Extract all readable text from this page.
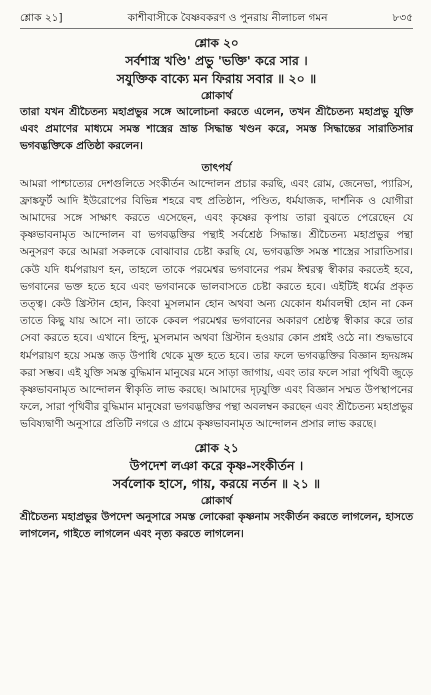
শ্লোক ২১]	কাশীবাসীকে বৈষ্ণবকরণ ও পুনরায় নীলাচল গমন	৮৩৫
শ্লোক ২০
সর্বশাস্ত্র খণ্ডি' প্রভু 'ভক্তি' করে সার ।
সযুক্তিক বাক্যে মন ফিরায় সবার ॥ ২০ ॥
শ্লোকার্থ

তারা যখন শ্রীচৈতন্য মহাপ্রভুর সঙ্গে আলোচনা করতে এলেন, তখন শ্রীচৈতন্য মহাপ্রভু যুক্তি এবং প্রমাণের মাধ্যমে সমস্ত শাস্ত্রের ভ্রান্ত সিদ্ধান্ত খণ্ডন করে, সমস্ত সিদ্ধান্তের সারাতিসার ভগবদ্ভক্তিকে প্রতিষ্ঠা করলেন।

তাৎপর্য

আমরা পাশ্চাত্যের দেশগুলিতে সংকীর্তন আন্দোলন প্রচার করছি, এবং রোম, জেনেভা, প্যারিস, ফ্রাঙ্কফুর্ট আদি ইউরোপের বিভিন্ন শহরে বহু প্রতিষ্ঠান, পণ্ডিত, ধর্মযাজক, দার্শনিক ও যোগীরা আমাদের সঙ্গে সাক্ষাৎ করতে এসেছেন, এবং কৃষ্ণের কৃপায় তারা বুঝতে পেরেছেন যে কৃষ্ণভাবনামৃত আন্দোলন বা ভগবদ্ভক্তির পন্থাই সর্বশ্রেষ্ঠ সিদ্ধান্ত। শ্রীচৈতন্য মহাপ্রভুর পন্থা অনুসরণ করে আমরা সকলকে বোঝাবার চেষ্টা করছি যে, ভগবদ্ভক্তি সমস্ত শাস্ত্রের সারাতিসার। কেউ যদি ধর্মপরায়ণ হন, তাহলে তাকে পরমেশ্বর ভগবানের পরম ঈশ্বরত্ব স্বীকার করতেই হবে, ভগবানের ভক্ত হতে হবে এবং ভগবানকে ভালবাসতে চেষ্টা করতে হবে। এইটিই ধর্মের প্রকৃত তত্ত্ব। কেউ খ্রিস্টান হোন, কিংবা মুসলমান হোন অথবা অন্য যেকোন ধর্মাবলম্বী হোন না কেন তাতে কিছু যায় আসে না। তাকে কেবল পরমেশ্বর ভগবানের অকারণ শ্রেষ্ঠত্ব স্বীকার করে তার সেবা করতে হবে। এখানে হিন্দু, মুসলমান অথবা খ্রিস্টান হওয়ার কোন প্রশ্নই ওঠে না। শুদ্ধভাবে ধর্মপরায়ণ হয়ে সমস্ত জড় উপাধি থেকে মুক্ত হতে হবে। তার ফলে ভগবদ্ভক্তির বিজ্ঞান হৃদয়ঙ্গম করা সম্ভব। এই যুক্তি সমস্ত বুদ্ধিমান মানুষের মনে সাড়া জাগায়, এবং তার ফলে সারা পৃথিবী জুড়ে কৃষ্ণভাবনামৃত আন্দোলন স্বীকৃতি লাভ করছে। আমাদের দৃঢ়যুক্তি এবং বিজ্ঞান সম্মত উপস্থাপনের ফলে, সারা পৃথিবীর বুদ্ধিমান মানুষেরা ভগবদ্ভক্তির পন্থা অবলম্বন করছেন এবং শ্রীচৈতন্য মহাপ্রভুর ভবিষ্যদ্বাণী অনুসারে প্রতিটি নগরে ও গ্রামে কৃষ্ণভাবনামৃত আন্দোলন প্রসার লাভ করছে।

শ্লোক ২১
উপদেশ লঞা করে কৃষ্ণ-সংকীর্তন ।
সর্বলোক হাসে, গায়, করয়ে নর্তন ॥ ২১ ॥
শ্লোকার্থ

শ্রীচৈতন্য মহাপ্রভুর উপদেশ অনুসারে সমস্ত লোকেরা কৃষ্ণনাম সংকীর্তন করতে লাগলেন, হাসতে লাগলেন, গাইতে লাগলেন এবং নৃত্য করতে লাগলেন।
